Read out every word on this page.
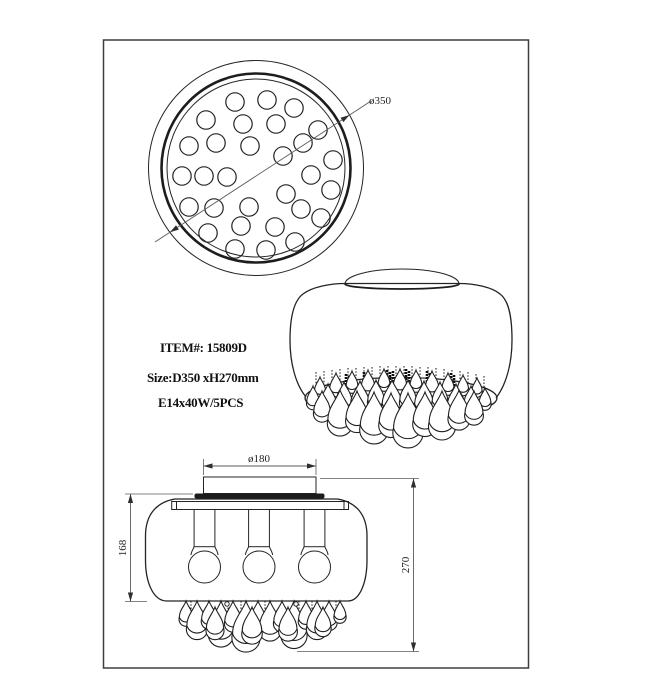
ø350
ITEM#: 15809D
Size:D350 xH270mm
E14x40W/5PCS
ø180
168
270
